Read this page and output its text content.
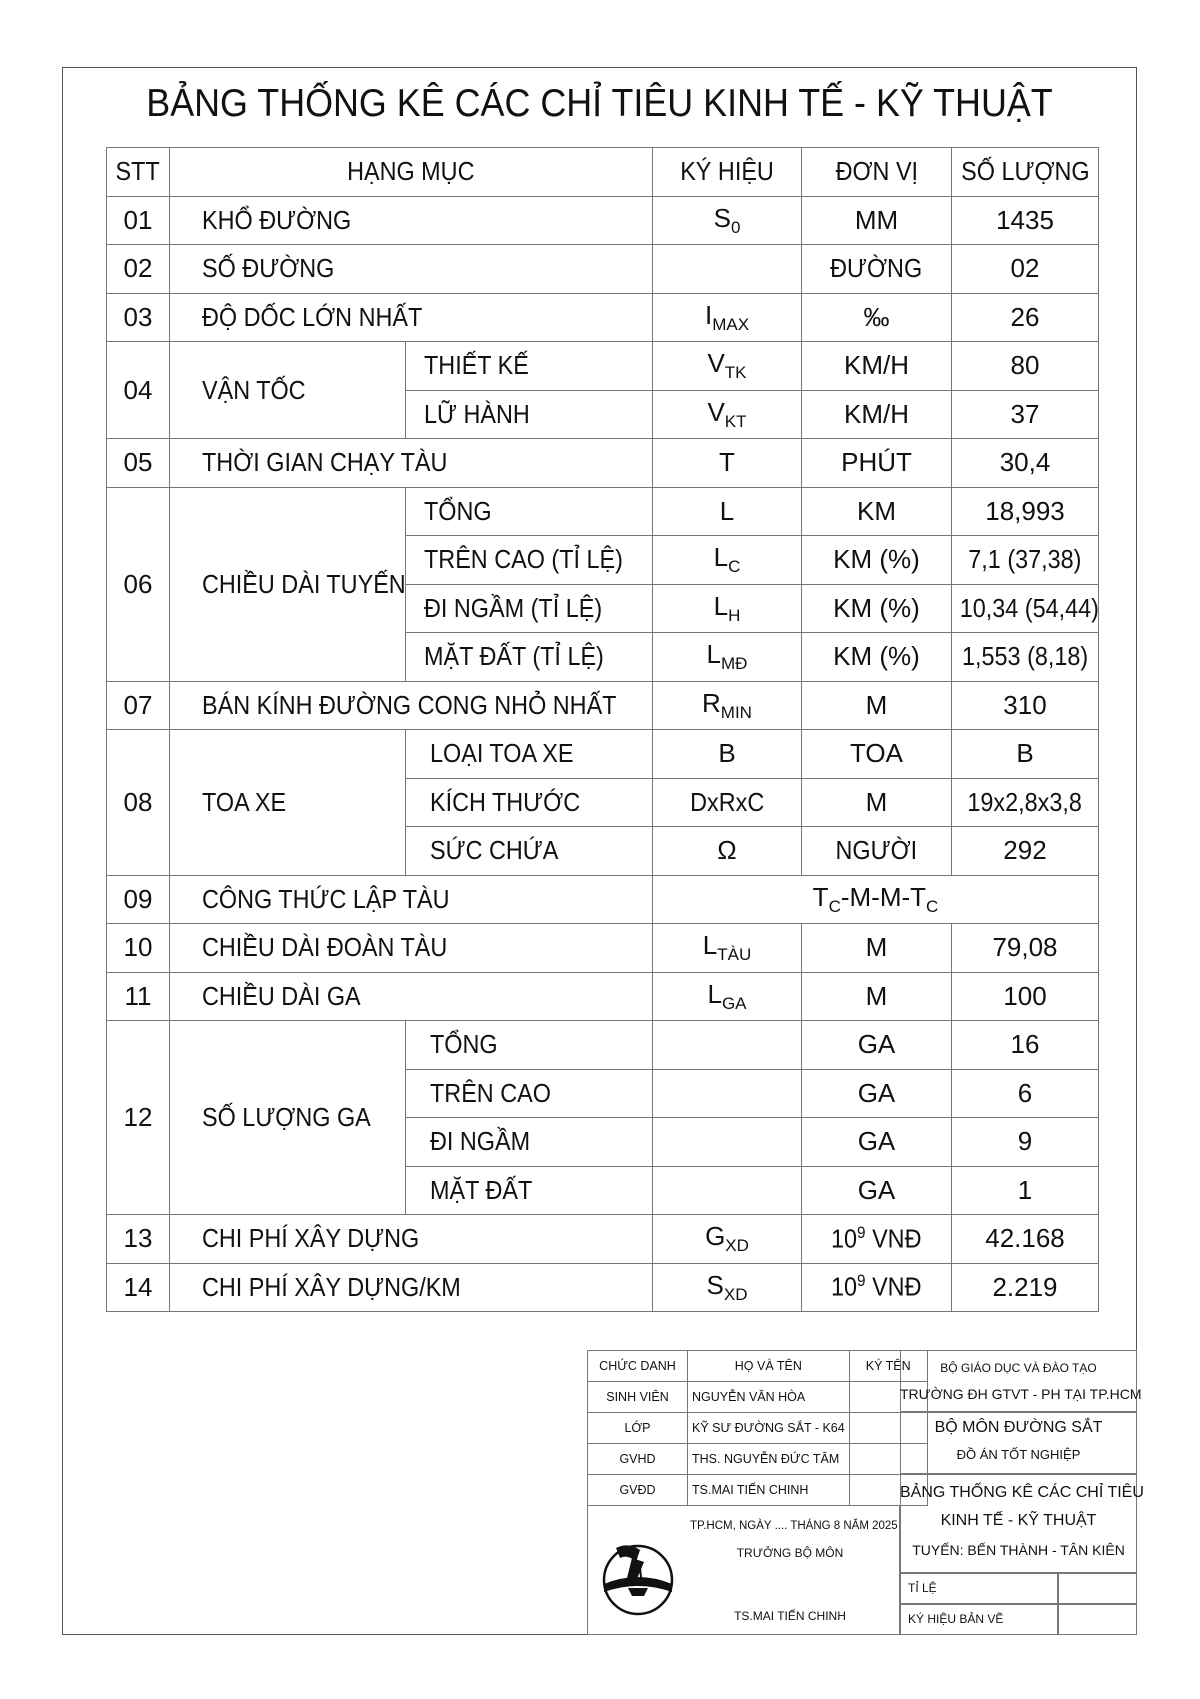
BẢNG THỐNG KÊ CÁC CHỈ TIÊU KINH TẾ - KỸ THUẬT
STT	HẠNG MỤC		KÝ HIỆU	ĐƠN VỊ	SỐ LƯỢNG
01	KHỔ ĐƯỜNG		$S_0$	MM	1435
02	SỐ ĐƯỜNG			ĐƯỜNG	02
03	ĐỘ DỐC LỚN NHẤT		$I_{MAX}$	‰	26
04	VẬN TỐC	THIẾT KẾ	$V_{TK}$	KM/H	80
		LỮ HÀNH	$V_{KT}$	KM/H	37
05	THỜI GIAN CHẠY TÀU		T	PHÚT	30,4
06	CHIỀU DÀI TUYẾN	TỔNG	L	KM	18,993
		TRÊN CAO (TỈ LỆ)	$L_C$	KM (%)	7,1 (37,38)
		ĐI NGẦM (TỈ LỆ)	$L_H$	KM (%)	10,34 (54,44)
		MẶT ĐẤT (TỈ LỆ)	$L_{MĐ}$	KM (%)	1,553 (8,18)
07	BÁN KÍNH ĐƯỜNG CONG NHỎ NHẤT		$R_{MIN}$	M	310
08	TOA XE	LOẠI TOA XE	B	TOA	B
		KÍCH THƯỚC	DxRxC	M	19x2,8x3,8
		SỨC CHỨA	Ω	NGƯỜI	292
09	CÔNG THỨC LẬP TÀU		$T_C-M-M-T_C$
10	CHIỀU DÀI ĐOÀN TÀU		$L_{TÀU}$	M	79,08
11	CHIỀU DÀI GA		$L_{GA}$	M	100
12	SỐ LƯỢNG GA	TỔNG		GA	16
		TRÊN CAO		GA	6
		ĐI NGẦM		GA	9
		MẶT ĐẤT		GA	1
13	CHI PHÍ XÂY DỰNG		$G_{XD}$	$10^9$ VNĐ	42.168
14	CHI PHÍ XÂY DỰNG/KM		$S_{XD}$	$10^9$ VNĐ	2.219
CHỨC DANH	HỌ VÀ TÊN	KÝ TÊN
SINH VIÊN	NGUYỄN VĂN HÒA	
LỚP	KỸ SƯ ĐƯỜNG SẮT - K64	
GVHD	THS. NGUYỄN ĐỨC TÂM	
GVĐD	TS.MAI TIẾN CHINH	
TP.HCM, NGÀY .... THÁNG 8 NĂM 2025
TRƯỞNG BỘ MÔN
TS.MAI TIẾN CHINH
BỘ GIÁO DỤC VÀ ĐÀO TẠO
TRƯỜNG ĐH GTVT - PH TẠI TP.HCM
BỘ MÔN ĐƯỜNG SẮT
ĐỒ ÁN TỐT NGHIỆP
BẢNG THỐNG KÊ CÁC CHỈ TIÊU
KINH TẾ - KỸ THUẬT
TUYẾN: BẾN THÀNH - TÂN KIÊN
TỈ LỆ
KÝ HIỆU BẢN VẼ
